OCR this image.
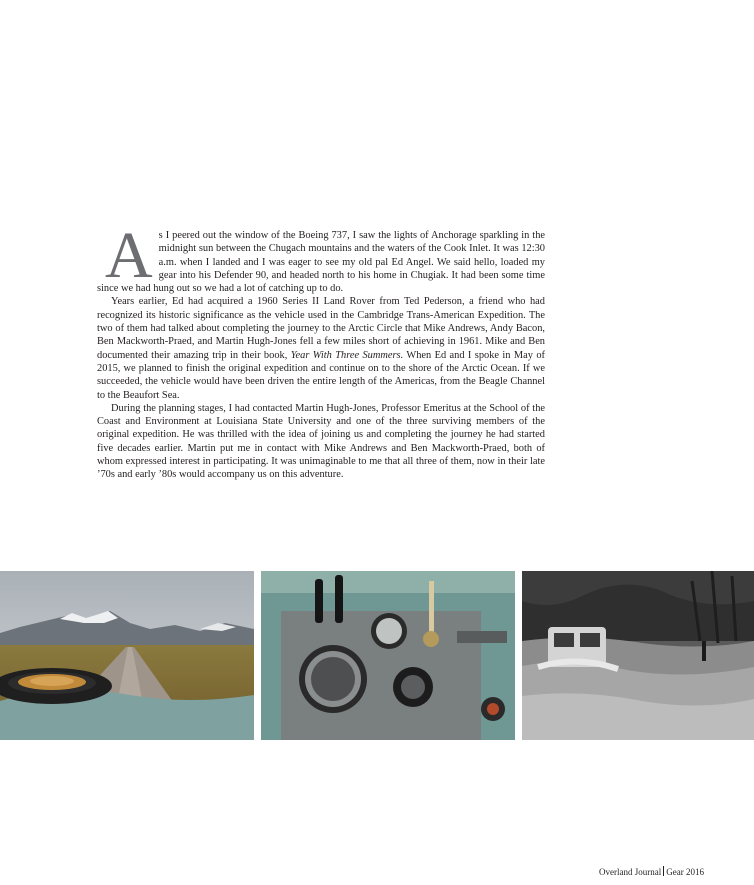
As I peered out the window of the Boeing 737, I saw the lights of Anchorage sparkling in the midnight sun between the Chugach mountains and the waters of the Cook Inlet. It was 12:30 a.m. when I landed and I was eager to see my old pal Ed Angel. We said hello, loaded my gear into his Defender 90, and headed north to his home in Chugiak. It had been some time since we had hung out so we had a lot of catching up to do.

Years earlier, Ed had acquired a 1960 Series II Land Rover from Ted Pederson, a friend who had recognized its historic significance as the vehicle used in the Cambridge Trans-American Expedition. The two of them had talked about completing the journey to the Arctic Circle that Mike Andrews, Andy Bacon, Ben Mackworth-Praed, and Martin Hugh-Jones fell a few miles short of achieving in 1961. Mike and Ben documented their amazing trip in their book, Year With Three Summers. When Ed and I spoke in May of 2015, we planned to finish the original expedition and continue on to the shore of the Arctic Ocean. If we succeeded, the vehicle would have been driven the entire length of the Americas, from the Beagle Channel to the Beaufort Sea.

During the planning stages, I had contacted Martin Hugh-Jones, Professor Emeritus at the School of the Coast and Environment at Louisiana State University and one of the three surviving members of the original expedition. He was thrilled with the idea of joining us and completing the journey he had started five decades earlier. Martin put me in contact with Mike Andrews and Ben Mackworth-Praed, both of whom expressed interest in participating. It was unimaginable to me that all three of them, now in their late ’70s and early ’80s would accompany us on this adventure.

Overland Journal Gear 2016
